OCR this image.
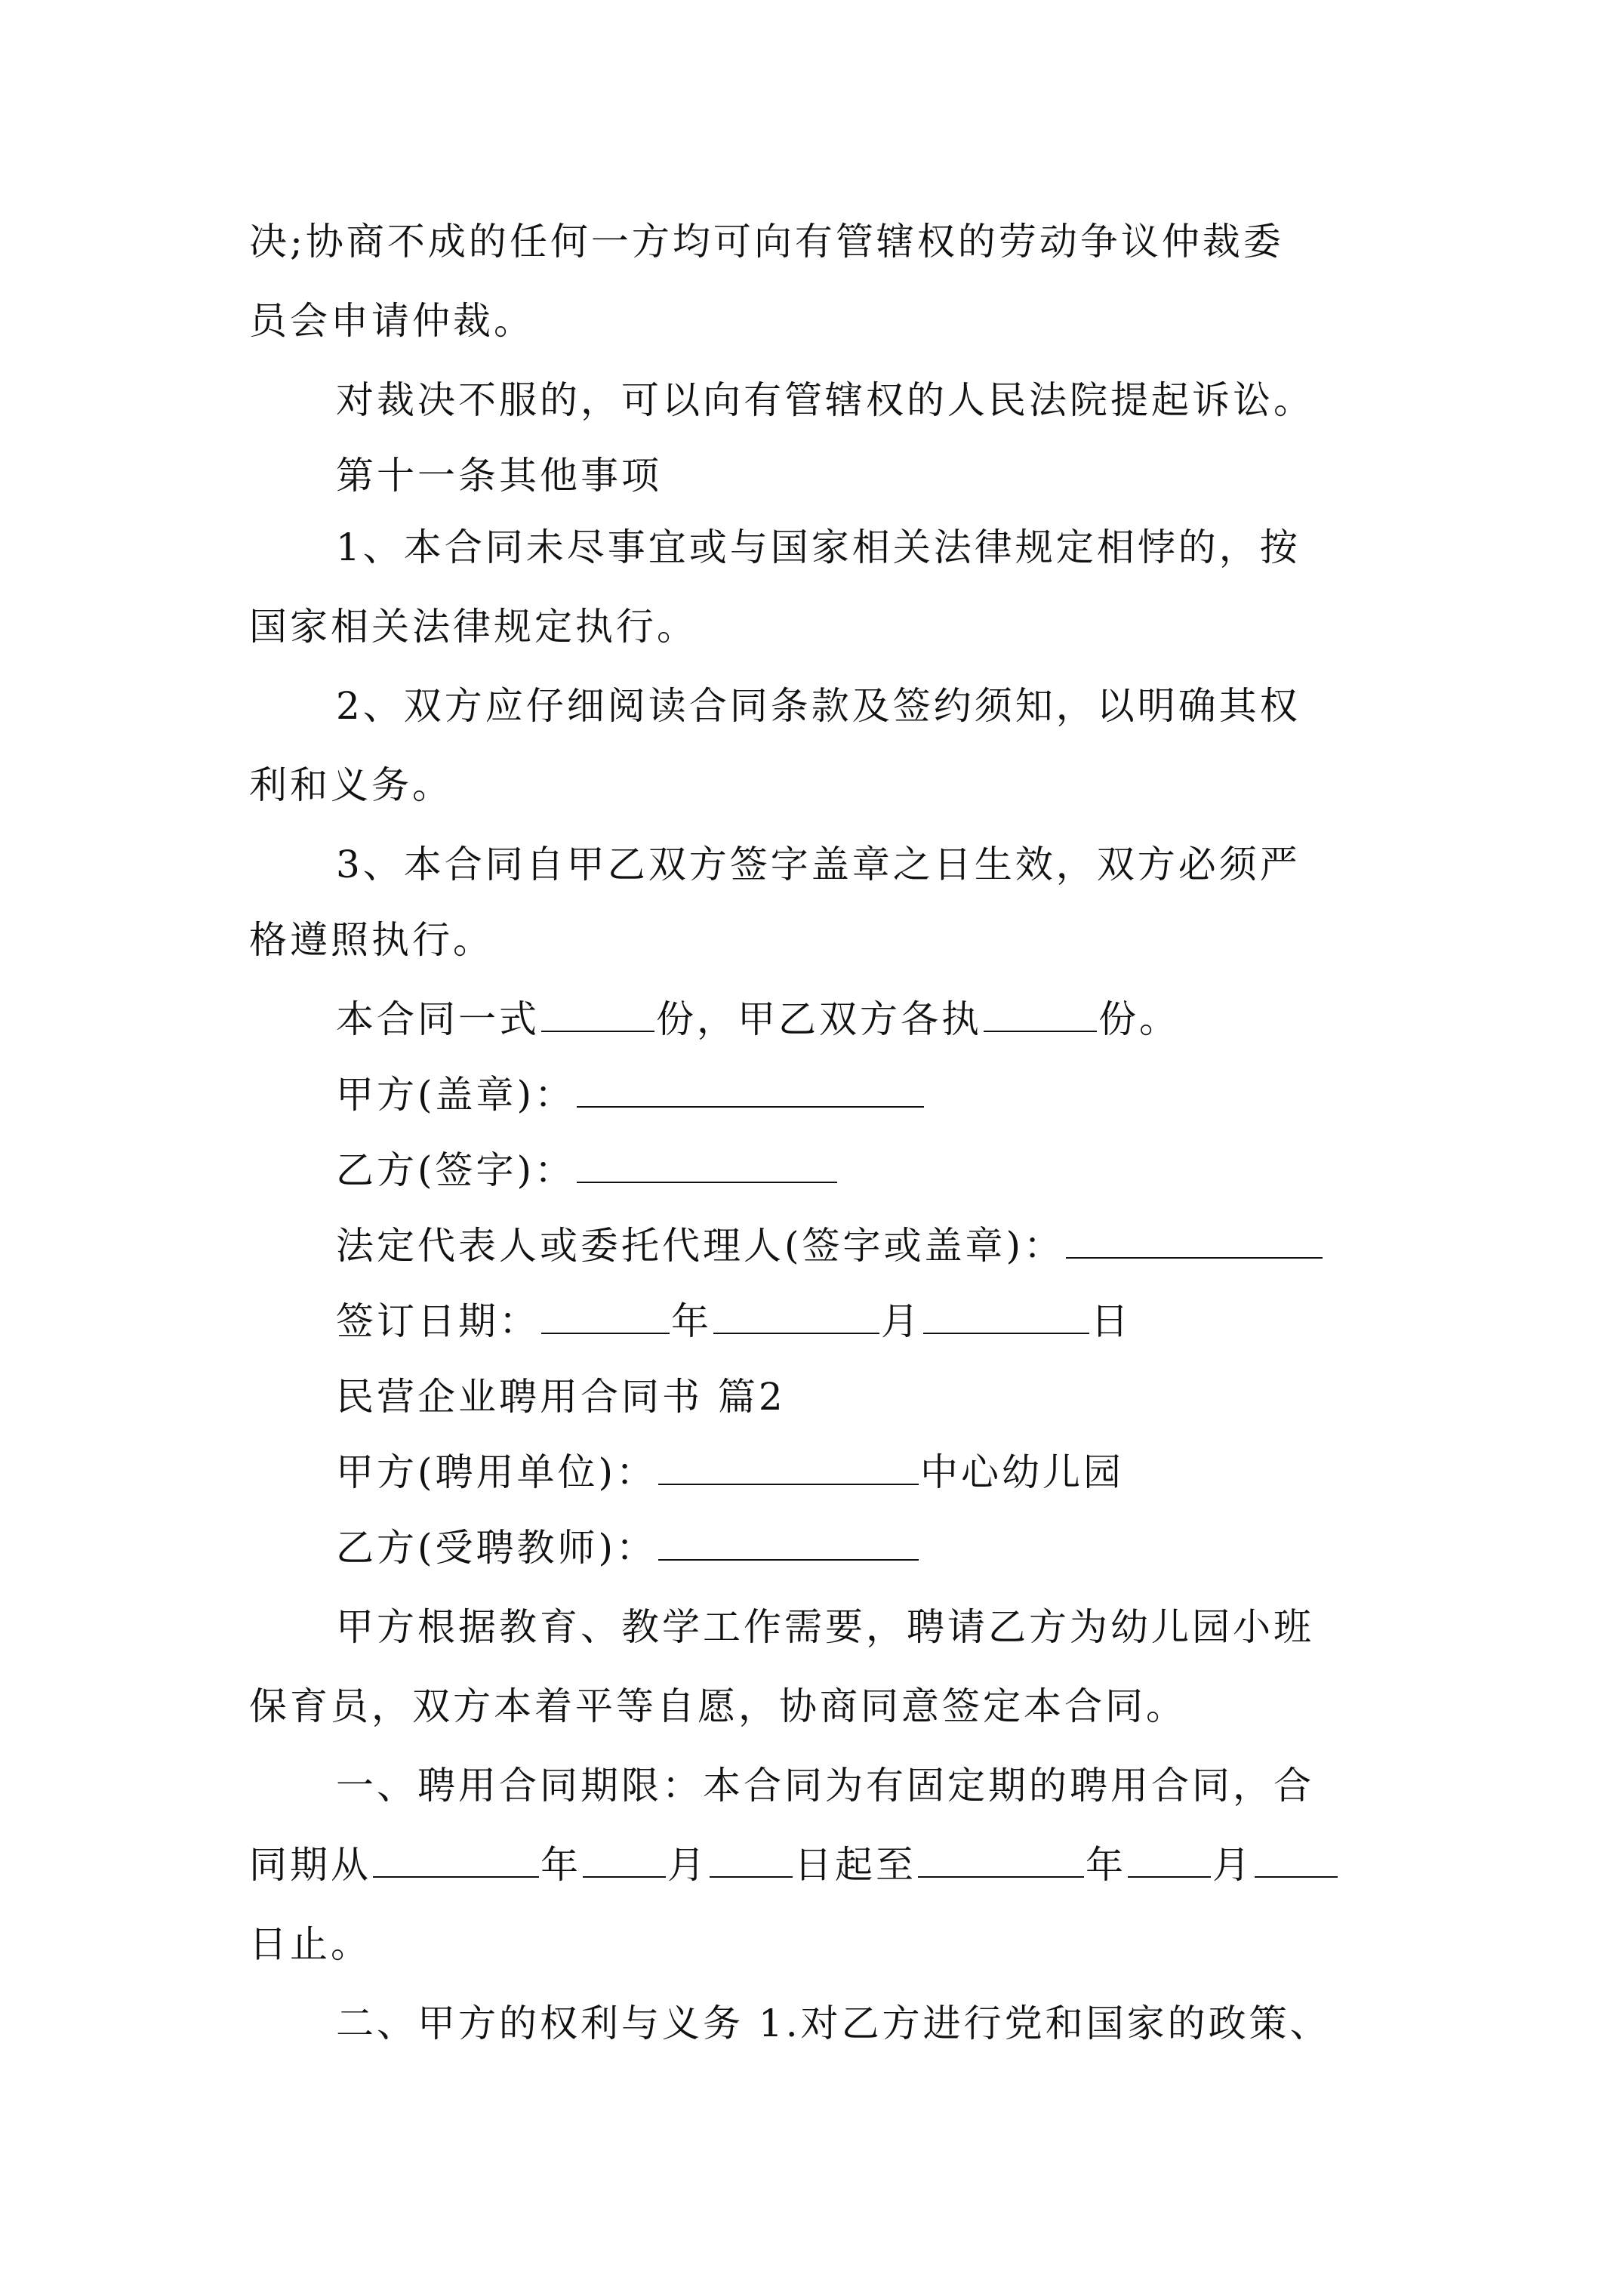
决;协商不成的任何一方均可向有管辖权的劳动争议仲裁委
员会申请仲裁。
对裁决不服的，可以向有管辖权的人民法院提起诉讼。
第十一条其他事项
1、本合同未尽事宜或与国家相关法律规定相悖的，按
国家相关法律规定执行。
2、双方应仔细阅读合同条款及签约须知，以明确其权
利和义务。
3、本合同自甲乙双方签字盖章之日生效，双方必须严
格遵照执行。
本合同一式	份，甲乙双方各执	份。
甲方(盖章)：
乙方(签字)：
法定代表人或委托代理人(签字或盖章)：
签订日期：	年	月	日
民营企业聘用合同书 篇2
甲方(聘用单位)：	中心幼儿园
乙方(受聘教师)：
甲方根据教育、教学工作需要，聘请乙方为幼儿园小班
保育员，双方本着平等自愿，协商同意签定本合同。
一、聘用合同期限：本合同为有固定期的聘用合同，合
同期从	年 月 日起至	年 月
日止。
二、甲方的权利与义务 1.对乙方进行党和国家的政策、
